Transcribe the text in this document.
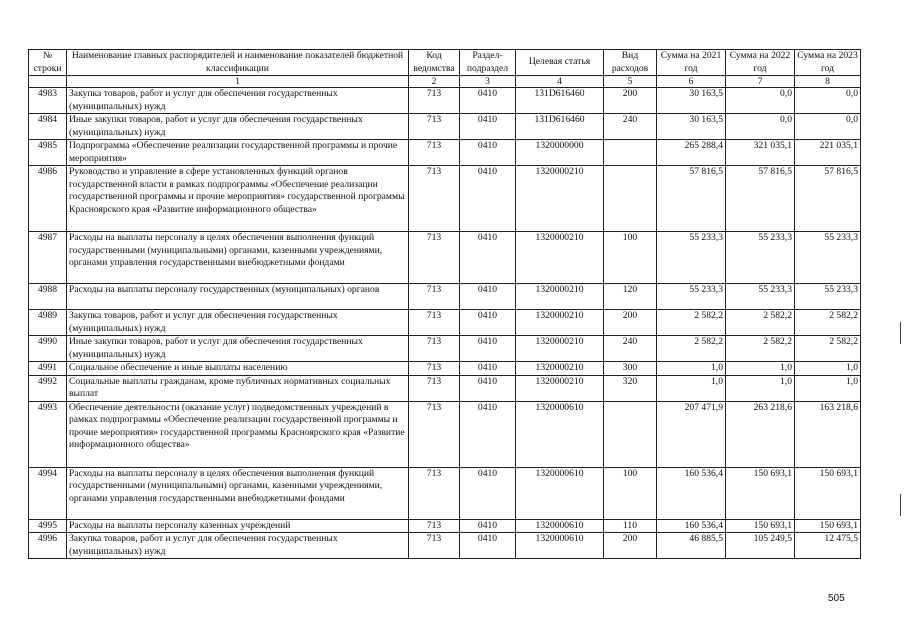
№ строки	Наименование главных распорядителей и наименование показателей бюджетной классификации	Код ведомства	Раздел-подраздел	Целевая статья	Вид расходов	Сумма на 2021 год	Сумма на 2022 год	Сумма на 2023 год
	1	2	3	4	5	6	7	8
4983	Закупка товаров, работ и услуг для обеспечения государственных (муниципальных) нужд	713	0410	131D616460	200	30 163,5	0,0	0,0
4984	Иные закупки товаров, работ и услуг для обеспечения государственных (муниципальных) нужд	713	0410	131D616460	240	30 163,5	0,0	0,0
4985	Подпрограмма «Обеспечение реализации государственной программы и прочие мероприятия»	713	0410	1320000000		265 288,4	321 035,1	221 035,1
4986	Руководство и управление в сфере установленных функций органов государственной власти в рамках подпрограммы «Обеспечение реализации государственной программы и прочие мероприятия» государственной программы Красноярского края «Развитие информационного общества»	713	0410	1320000210		57 816,5	57 816,5	57 816,5
4987	Расходы на выплаты персоналу в целях обеспечения выполнения функций государственными (муниципальными) органами, казенными учреждениями, органами управления государственными внебюджетными фондами	713	0410	1320000210	100	55 233,3	55 233,3	55 233,3
4988	Расходы на выплаты персоналу государственных (муниципальных) органов	713	0410	1320000210	120	55 233,3	55 233,3	55 233,3
4989	Закупка товаров, работ и услуг для обеспечения государственных (муниципальных) нужд	713	0410	1320000210	200	2 582,2	2 582,2	2 582,2
4990	Иные закупки товаров, работ и услуг для обеспечения государственных (муниципальных) нужд	713	0410	1320000210	240	2 582,2	2 582,2	2 582,2
4991	Социальное обеспечение и иные выплаты населению	713	0410	1320000210	300	1,0	1,0	1,0
4992	Социальные выплаты гражданам, кроме публичных нормативных социальных выплат	713	0410	1320000210	320	1,0	1,0	1,0
4993	Обеспечение деятельности (оказание услуг) подведомственных учреждений в рамках подпрограммы «Обеспечение реализации государственной программы и прочие мероприятия» государственной программы Красноярского края «Развитие информационного общества»	713	0410	1320000610		207 471,9	263 218,6	163 218,6
4994	Расходы на выплаты персоналу в целях обеспечения выполнения функций государственными (муниципальными) органами, казенными учреждениями, органами управления государственными внебюджетными фондами	713	0410	1320000610	100	160 536,4	150 693,1	150 693,1
4995	Расходы на выплаты персоналу казенных учреждений	713	0410	1320000610	110	160 536,4	150 693,1	150 693,1
4996	Закупка товаров, работ и услуг для обеспечения государственных (муниципальных) нужд	713	0410	1320000610	200	46 885,5	105 249,5	12 475,5
505
